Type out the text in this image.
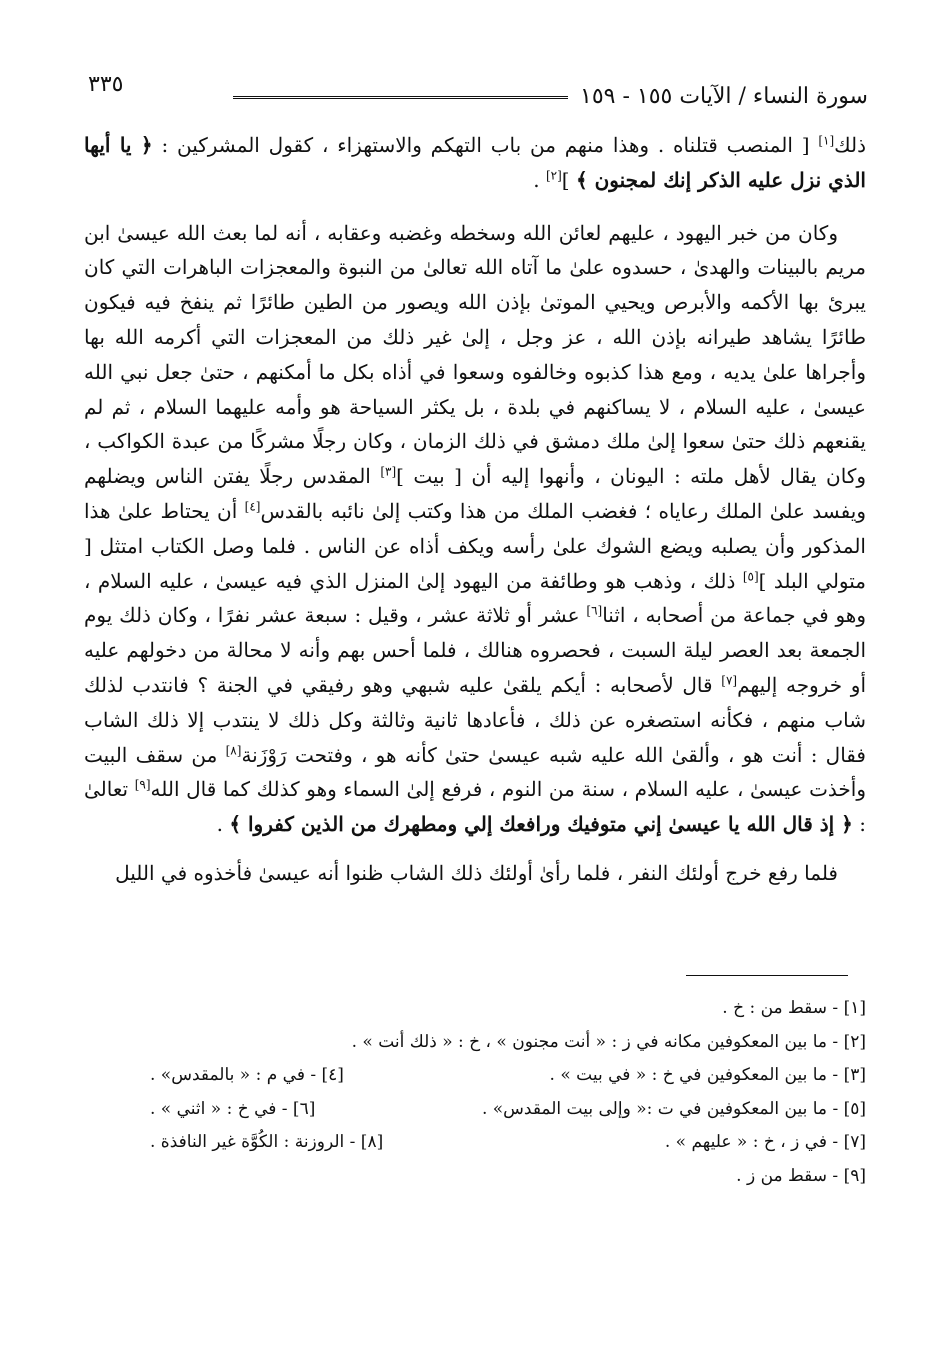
٣٣٥	سورة النساء / الآيات ١٥٥ - ١٥٩

ذلك[١] [ المنصب قتلناه . وهذا منهم من باب التهكم والاستهزاء ، كقول المشركين : ﴿ يا أيها الذي نزل عليه الذكر إنك لمجنون ﴾ ][٢] .

وكان من خبر اليهود ، عليهم لعائن الله وسخطه وغضبه وعقابه ، أنه لما بعث الله عيسىٰ ابن مريم بالبينات والهدىٰ ، حسدوه علىٰ ما آتاه الله تعالىٰ من النبوة والمعجزات الباهرات التي كان يبرئ بها الأكمه والأبرص ويحيي الموتىٰ بإذن الله ويصور من الطين طائرًا ثم ينفخ فيه فيكون طائرًا يشاهد طيرانه بإذن الله ، عز وجل ، إلىٰ غير ذلك من المعجزات التي أكرمه الله بها وأجراها علىٰ يديه ، ومع هذا كذبوه وخالفوه وسعوا في أذاه بكل ما أمكنهم ، حتىٰ جعل نبي الله عيسىٰ ، عليه السلام ، لا يساكنهم في بلدة ، بل يكثر السياحة هو وأمه عليهما السلام ، ثم لم يقنعهم ذلك حتىٰ سعوا إلىٰ ملك دمشق في ذلك الزمان ، وكان رجلًا مشركًا من عبدة الكواكب ، وكان يقال لأهل ملته : اليونان ، وأنهوا إليه أن [ بيت ][٣] المقدس رجلًا يفتن الناس ويضلهم ويفسد علىٰ الملك رعاياه ؛ فغضب الملك من هذا وكتب إلىٰ نائبه بالقدس[٤] أن يحتاط علىٰ هذا المذكور وأن يصلبه ويضع الشوك علىٰ رأسه ويكف أذاه عن الناس . فلما وصل الكتاب امتثل [ متولي البلد ][٥] ذلك ، وذهب هو وطائفة من اليهود إلىٰ المنزل الذي فيه عيسىٰ ، عليه السلام ، وهو في جماعة من أصحابه ، اثنا[٦] عشر أو ثلاثة عشر ، وقيل : سبعة عشر نفرًا ، وكان ذلك يوم الجمعة بعد العصر ليلة السبت ، فحصروه هنالك ، فلما أحس بهم وأنه لا محالة من دخولهم عليه أو خروجه إليهم[٧] قال لأصحابه : أيكم يلقىٰ عليه شبهي وهو رفيقي في الجنة ؟ فانتدب لذلك شاب منهم ، فكأنه استصغره عن ذلك ، فأعادها ثانية وثالثة وكل ذلك لا ينتدب إلا ذلك الشاب فقال : أنت هو ، وألقىٰ الله عليه شبه عيسىٰ حتىٰ كأنه هو ، وفتحت رَوْزَنة[٨] من سقف البيت وأخذت عيسىٰ ، عليه السلام ، سنة من النوم ، فرفع إلىٰ السماء وهو كذلك كما قال الله[٩] تعالىٰ : ﴿ إذ قال الله يا عيسىٰ إني متوفيك ورافعك إلي ومطهرك من الذين كفروا ﴾ .

فلما رفع خرج أولئك النفر ، فلما رأىٰ أولئك ذلك الشاب ظنوا أنه عيسىٰ فأخذوه في الليل

[١] - سقط من : خ .
[٢] - ما بين المعكوفين مكانه في ز : « أنت مجنون » ، خ : « ذلك أنت » .
[٣] - ما بين المعكوفين في خ : « في بيت » .
[٤] - في م : « بالمقدس» .
[٥] - ما بين المعكوفين في ت :« وإلى بيت المقدس» .
[٦] - في خ : « اثني » .
[٧] - في ز ، خ : « عليهم » .
[٨] - الروزنة : الكُوَّة غير النافذة .
[٩] - سقط من ز .
